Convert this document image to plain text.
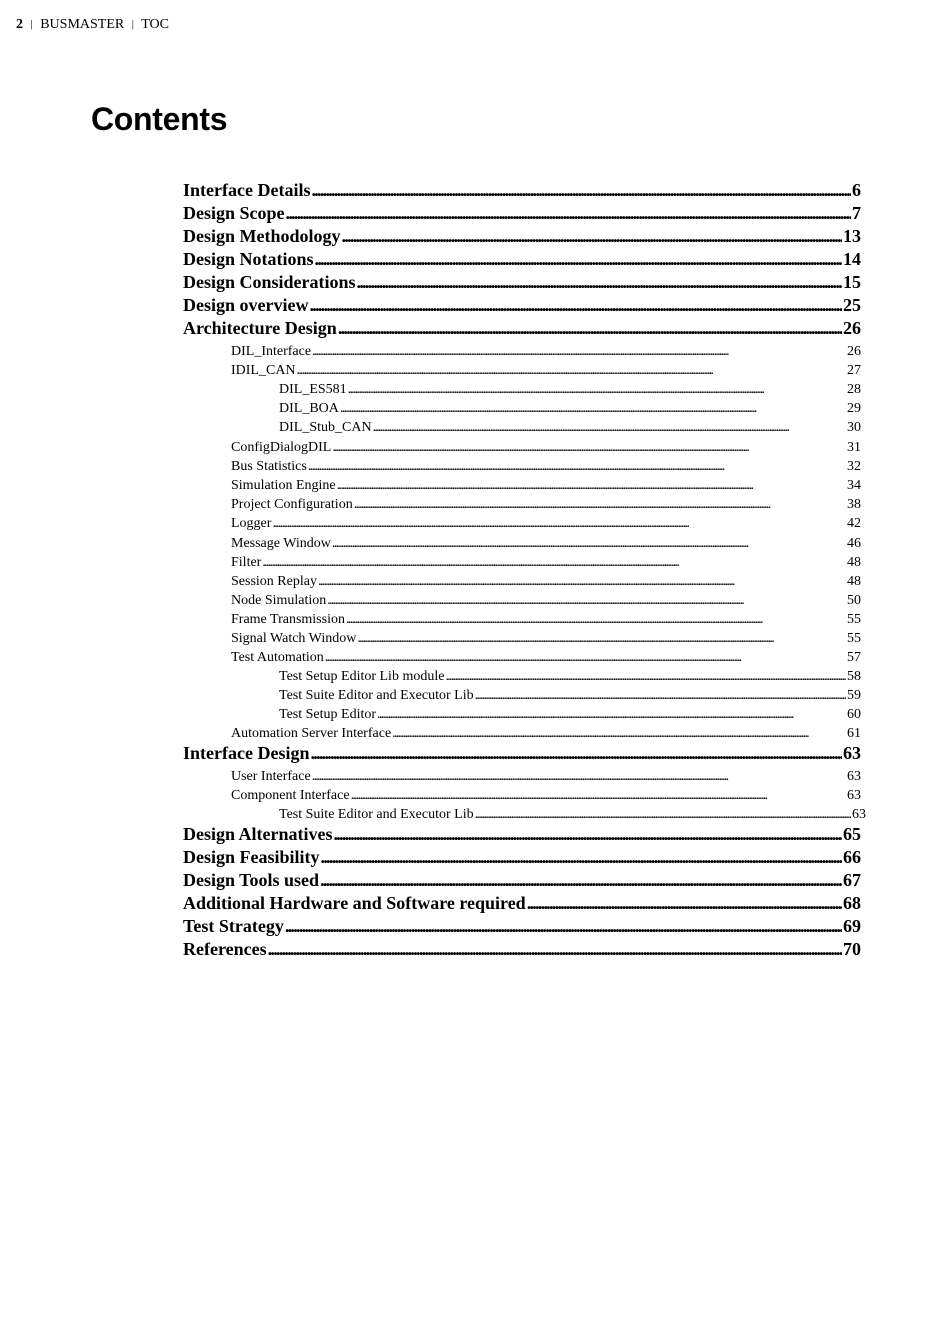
2 | BUSMASTER | TOC
Contents
Interface Details . . .	6
Design Scope . . .	7
Design Methodology . . .	13
Design Notations . . .	14
Design Considerations . . .	15
Design overview . . .	25
Architecture Design . . .	26
DIL_Interface . . .	26
IDIL_CAN . . .	27
DIL_ES581 . . .	28
DIL_BOA . . .	29
DIL_Stub_CAN . . .	30
ConfigDialogDIL . . .	31
Bus Statistics . . .	32
Simulation Engine . . .	34
Project Configuration . . .	38
Logger . . .	42
Message Window . . .	46
Filter . . .	48
Session Replay . . .	48
Node Simulation . . .	50
Frame Transmission . . .	55
Signal Watch Window . . .	55
Test Automation . . .	57
Test Setup Editor Lib module . . .	58
Test Suite Editor and Executor Lib . . .	59
Test Setup Editor . . .	60
Automation Server Interface . . .	61
Interface Design . . .	63
User Interface . . .	63
Component Interface . . .	63
Test Suite Editor and Executor Lib . . .	63
Design Alternatives . . .	65
Design Feasibility . . .	66
Design Tools used . . .	67
Additional Hardware and Software required . . .	68
Test Strategy . . .	69
References . . .	70
